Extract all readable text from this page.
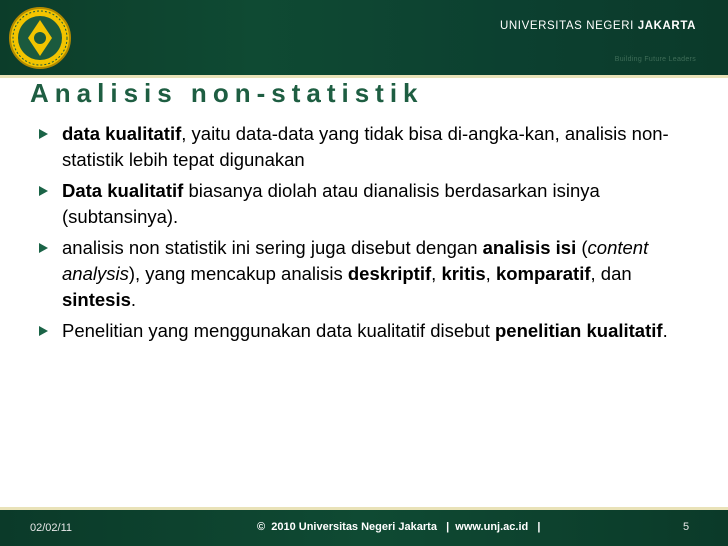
UNIVERSITAS NEGERI JAKARTA
Building Future Leaders
Analisis non-statistik
data kualitatif, yaitu data-data yang tidak bisa di-angka-kan, analisis non-statistik lebih tepat digunakan
Data kualitatif biasanya diolah atau dianalisis berdasarkan isinya (subtansinya).
analisis non statistik ini sering juga disebut dengan analisis isi (content analysis), yang mencakup analisis deskriptif, kritis, komparatif, dan sintesis.
Penelitian yang menggunakan data kualitatif disebut penelitian kualitatif.
02/02/11	©  2010 Universitas Negeri Jakarta   |  www.unj.ac.id   |	5
